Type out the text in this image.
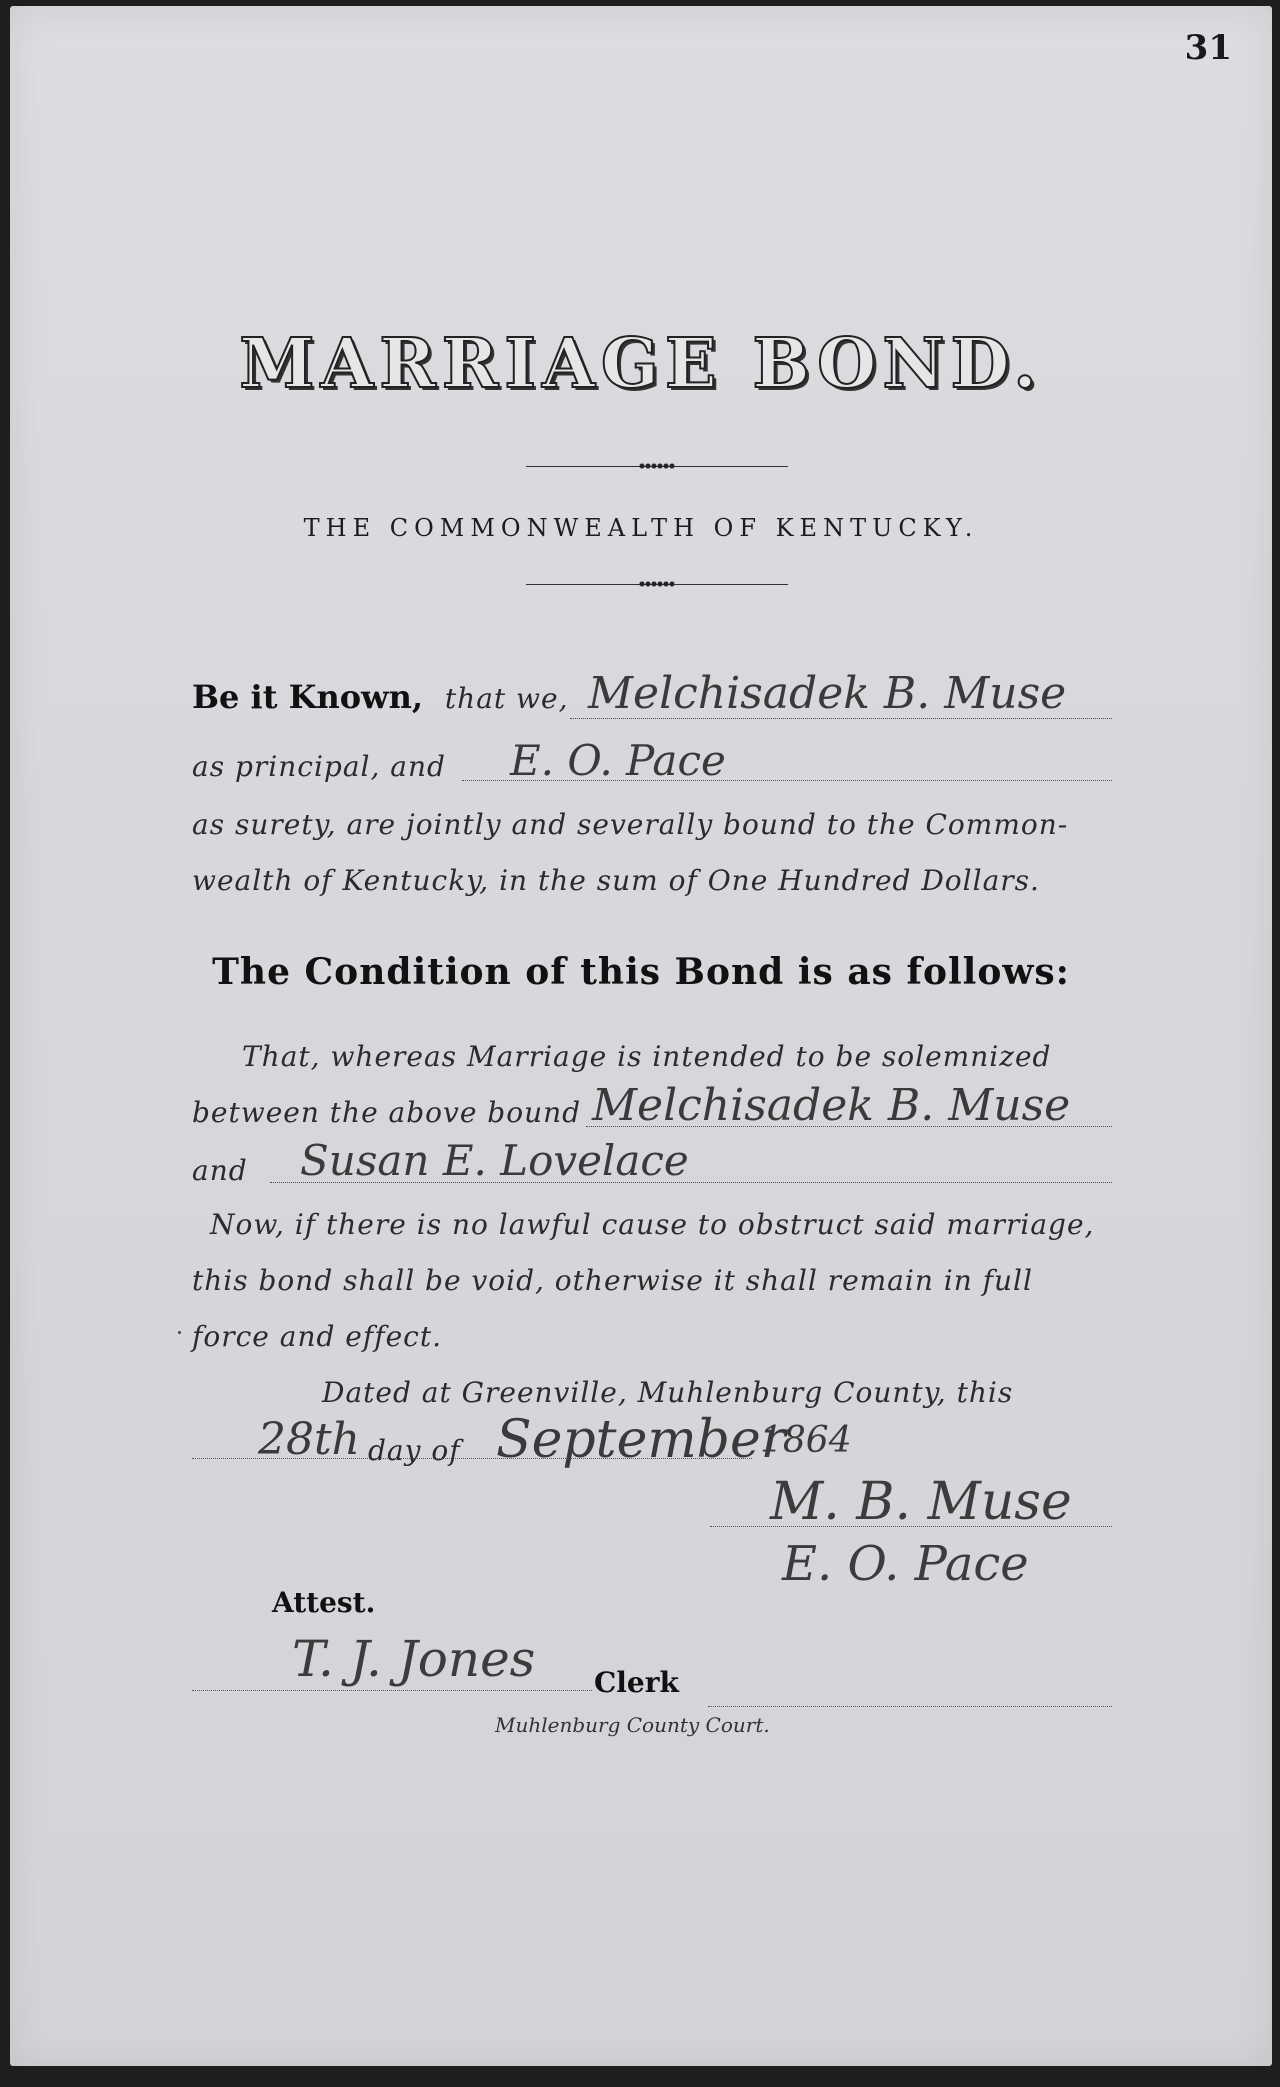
31
MARRIAGE BOND.
THE COMMONWEALTH OF KENTUCKY.
Be it Known, that we, Melchisadek B. Muse
as principal, and	E. O. Pace
as surety, are jointly and severally bound to the Common-
wealth of Kentucky, in the sum of One Hundred Dollars.
The Condition of this Bond is as follows:
That, whereas Marriage is intended to be solemnized
between the above bound Melchisadek B. Muse
and	Susan E. Lovelace
Now, if there is no lawful cause to obstruct said marriage,
this bond shall be void, otherwise it shall remain in full
force and effect.
Dated at Greenville, Muhlenburg County, this
28th day of September
1864
M. B. Muse
E. O. Pace
Attest.
T. J. Jones Clerk
Muhlenburg County Court.
